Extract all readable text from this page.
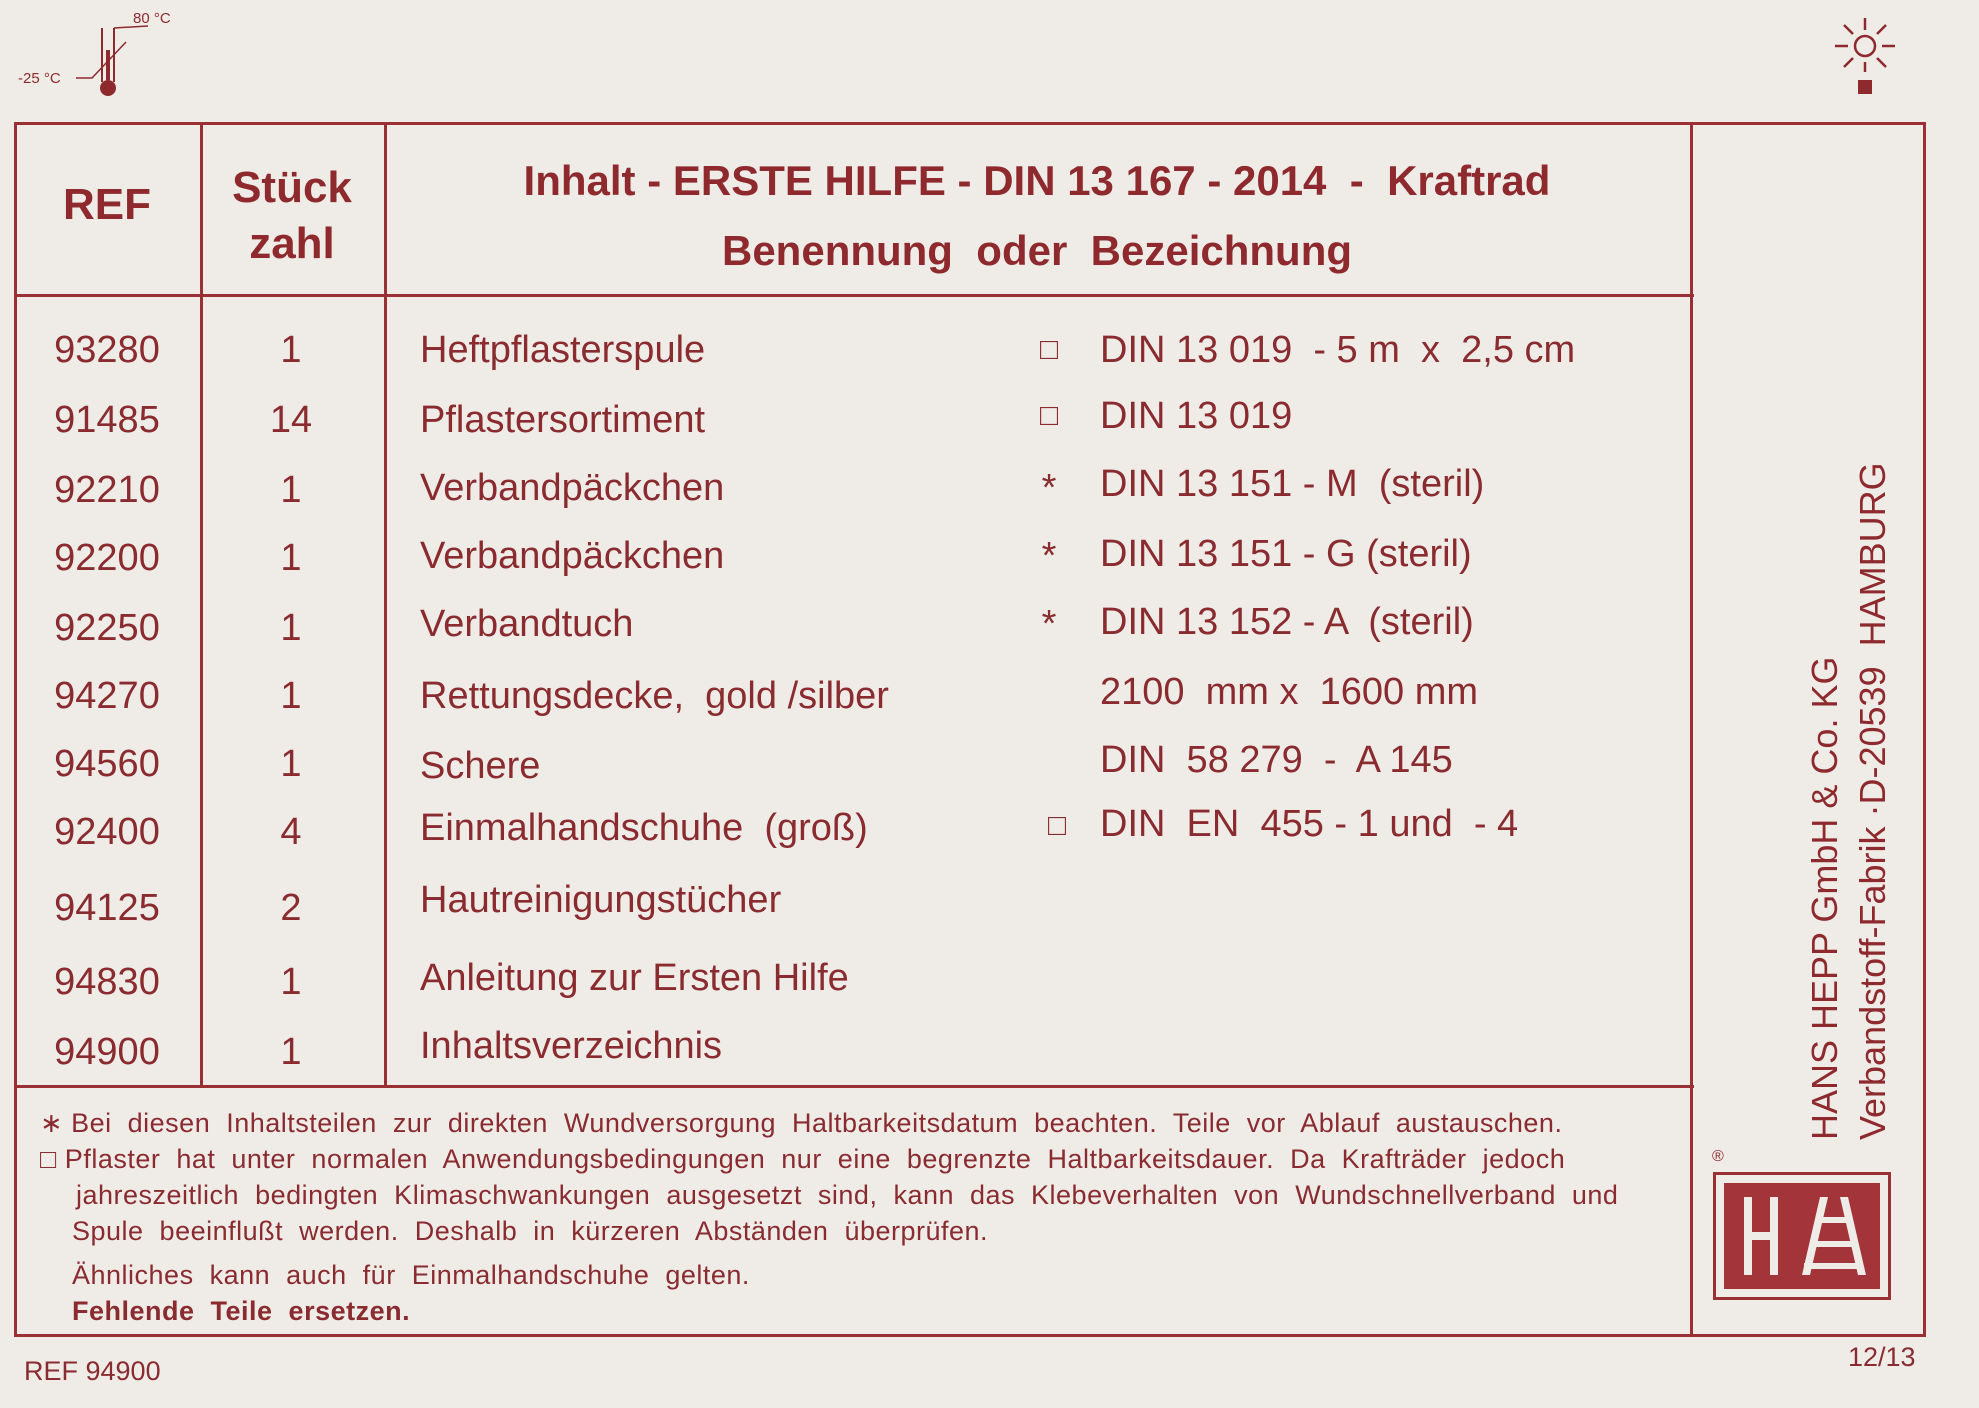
80 °C
-25 °C
REF	Stück
zahl
Inhalt - ERSTE HILFE - DIN 13 167 - 2014  -  Kraftrad
Benennung  oder  Bezeichnung
93280	1	Heftpflasterspule	□ DIN 13 019  - 5 m  x  2,5 cm
91485	14	Pflastersortiment	□ DIN 13 019
92210	1	Verbandpäckchen	* DIN 13 151 - M  (steril)
92200	1	Verbandpäckchen	* DIN 13 151 - G (steril)
92250	1	Verbandtuch	* DIN 13 152 - A  (steril)
94270	1	Rettungsdecke,  gold /silber	2100  mm x  1600 mm
94560	1	Schere	DIN  58 279  -  A 145
92400	4	Einmalhandschuhe  (groß)	□ DIN  EN  455 - 1 und  - 4
94125	2	Hautreinigungstücher
94830	1	Anleitung zur Ersten Hilfe
94900	1	Inhaltsverzeichnis
∗ Bei  diesen  Inhaltsteilen  zur  direkten  Wundversorgung  Haltbarkeitsdatum  beachten.  Teile  vor  Ablauf  austauschen.
□ Pflaster  hat  unter  normalen  Anwendungsbedingungen  nur  eine  begrenzte  Haltbarkeitsdauer.  Da  Krafträder  jedoch
jahreszeitlich  bedingten  Klimaschwankungen  ausgesetzt  sind,  kann  das  Klebeverhalten  von  Wundschnellverband  und
Spule  beeinflußt  werden.  Deshalb  in  kürzeren  Abständen  überprüfen.
Ähnliches  kann  auch  für  Einmalhandschuhe  gelten.
Fehlende  Teile  ersetzen.
HANS HEPP GmbH & Co. KG Verbandstoff-Fabrik ·D-20539  HAMBURG
®
REF 94900	12/13
